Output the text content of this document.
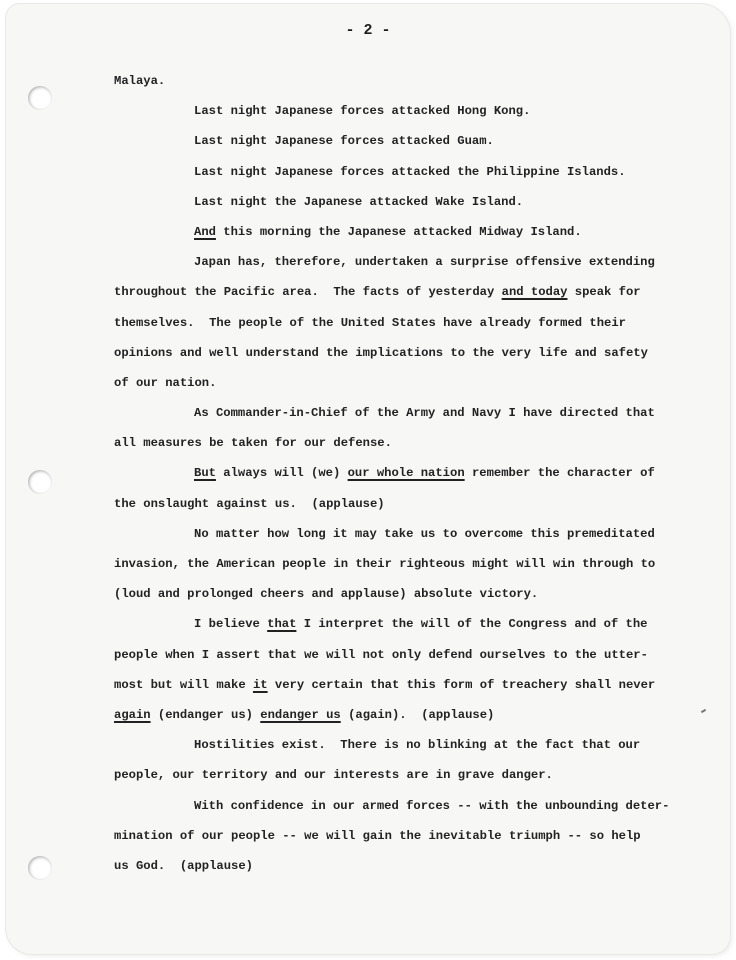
- 2 -
Malaya.
Last night Japanese forces attacked Hong Kong.
Last night Japanese forces attacked Guam.
Last night Japanese forces attacked the Philippine Islands.
Last night the Japanese attacked Wake Island.
And this morning the Japanese attacked Midway Island.
Japan has, therefore, undertaken a surprise offensive extending
throughout the Pacific area.  The facts of yesterday and today speak for
themselves.  The people of the United States have already formed their
opinions and well understand the implications to the very life and safety
of our nation.
As Commander-in-Chief of the Army and Navy I have directed that
all measures be taken for our defense.
But always will (we) our whole nation remember the character of
the onslaught against us.  (applause)
No matter how long it may take us to overcome this premeditated
invasion, the American people in their righteous might will win through to
(loud and prolonged cheers and applause) absolute victory.
I believe that I interpret the will of the Congress and of the
people when I assert that we will not only defend ourselves to the utter-
most but will make it very certain that this form of treachery shall never
again (endanger us) endanger us (again).  (applause)
Hostilities exist.  There is no blinking at the fact that our
people, our territory and our interests are in grave danger.
With confidence in our armed forces -- with the unbounding deter-
mination of our people -- we will gain the inevitable triumph -- so help
us God.  (applause)
